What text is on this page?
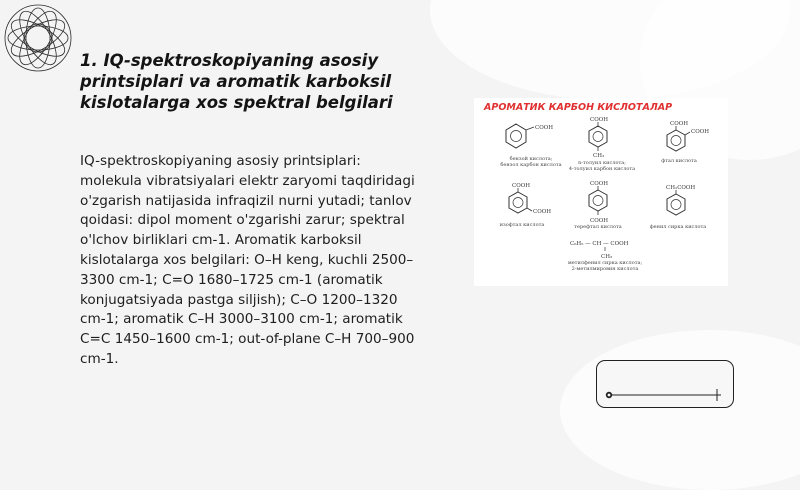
1. IQ-spektroskopiyaning asosiy printsiplari va aromatik karboksil kislotalarga xos spektral belgilari

IQ-spektroskopiyaning asosiy printsiplari: molekula vibratsiyalari elektr zaryomi taqdiridagi o'zgarish natijasida infraqizil nurni yutadi; tanlov qoidasi: dipol moment o'zgarishi zarur; spektral o'lchov birliklari cm-1. Aromatik karboksil kislotalarga xos belgilari: O–H keng, kuchli 2500–3300 cm-1; C=O 1680–1725 cm-1 (aromatik konjugatsiyada pastga siljish); C–O 1200–1320 cm-1; aromatik C–H 3000–3100 cm-1; aromatik C=C 1450–1600 cm-1; out-of-plane C–H 700–900 cm-1.

АРОМАТИК КАРБОН КИСЛОТАЛАР
COOH
бензой кислота;
бензол карбон кислота
COOH
CH₃
n-толуил кислота;
4-толуил карбон кислота
COOH
COOH
фтал кислота
COOH
COOH
изофтал кислота
COOH
COOH
терефтал кислота
CH₂COOH
фенил сирка кислота
C₆H₅ — CH — COOH
CH₃
метилфенил сирка кислота;
2-метилмировин кислота
